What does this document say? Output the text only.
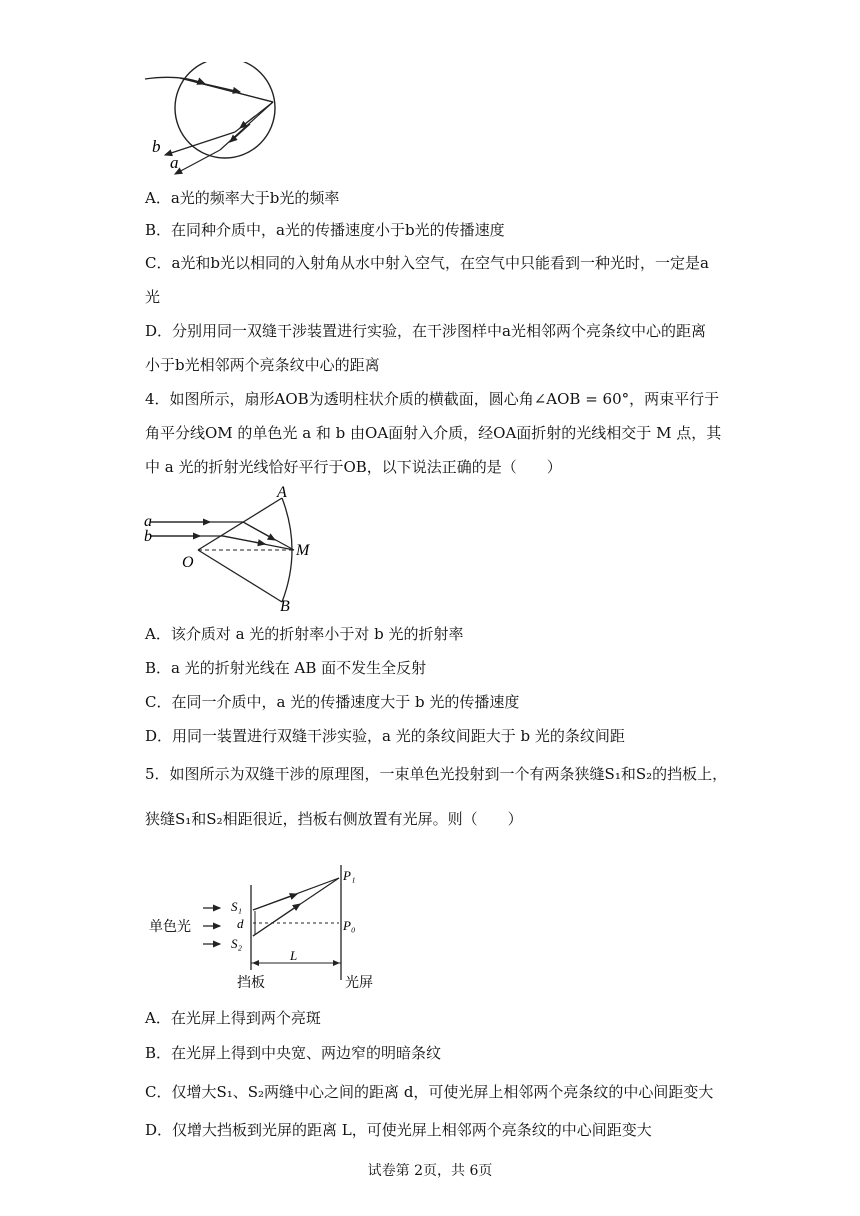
b
a
A．a光的频率大于b光的频率
B．在同种介质中，a光的传播速度小于b光的传播速度
C．a光和b光以相同的入射角从水中射入空气，在空气中只能看到一种光时，一定是a
光
D．分别用同一双缝干涉装置进行实验，在干涉图样中a光相邻两个亮条纹中心的距离
小于b光相邻两个亮条纹中心的距离
4．如图所示，扇形AOB为透明柱状介质的横截面，圆心角∠AOB = 60°，两束平行于
角平分线OM 的单色光 a 和 b 由OA面射入介质，经OA面折射的光线相交于 M 点，其
中 a 光的折射光线恰好平行于OB，以下说法正确的是（　　）
A
B
O
M
a
b
A．该介质对 a 光的折射率小于对 b 光的折射率
B．a 光的折射光线在 AB 面不发生全反射
C．在同一介质中，a 光的传播速度大于 b 光的传播速度
D．用同一装置进行双缝干涉实验，a 光的条纹间距大于 b 光的条纹间距
5．如图所示为双缝干涉的原理图，一束单色光投射到一个有两条狭缝S₁和S₂的挡板上，
狭缝S₁和S₂相距很近，挡板右侧放置有光屏。则（　　）
单色光
S₁
S₂
d
P₁
P₀
L
挡板	光屏
A．在光屏上得到两个亮斑
B．在光屏上得到中央宽、两边窄的明暗条纹
C．仅增大S₁、S₂两缝中心之间的距离 d，可使光屏上相邻两个亮条纹的中心间距变大
D．仅增大挡板到光屏的距离 L，可使光屏上相邻两个亮条纹的中心间距变大
试卷第 2页，共 6页
